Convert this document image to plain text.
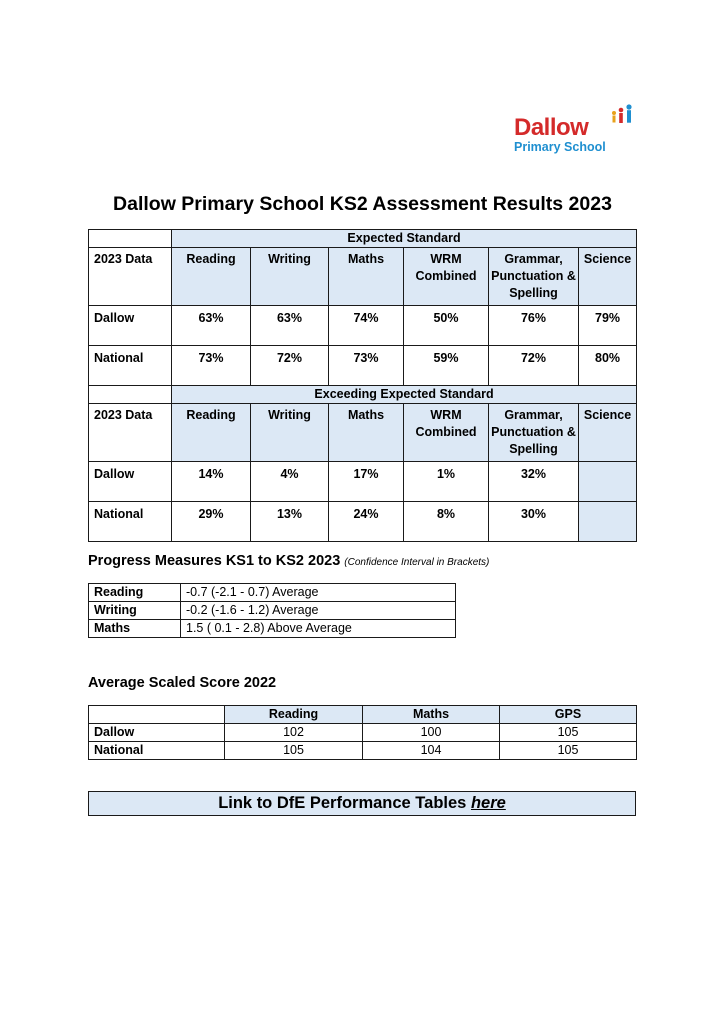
Dallow
Primary School
Dallow Primary School KS2 Assessment Results 2023
	Expected Standard					
2023 Data	Reading	Writing	Maths	WRM Combined	Grammar, Punctuation & Spelling	Science
Dallow	63%	63%	74%	50%	76%	79%
National	73%	72%	73%	59%	72%	80%
	Exceeding Expected Standard					
2023 Data	Reading	Writing	Maths	WRM Combined	Grammar, Punctuation & Spelling	Science
Dallow	14%	4%	17%	1%	32%	
National	29%	13%	24%	8%	30%	
Progress Measures KS1 to KS2 2023 (Confidence Interval in Brackets)
Reading	-0.7 (-2.1 - 0.7) Average
Writing	-0.2 (-1.6 - 1.2) Average
Maths	1.5 ( 0.1 - 2.8) Above Average
Average Scaled Score 2022
	Reading	Maths	GPS
Dallow	102	100	105
National	105	104	105
Link to DfE Performance Tables here
